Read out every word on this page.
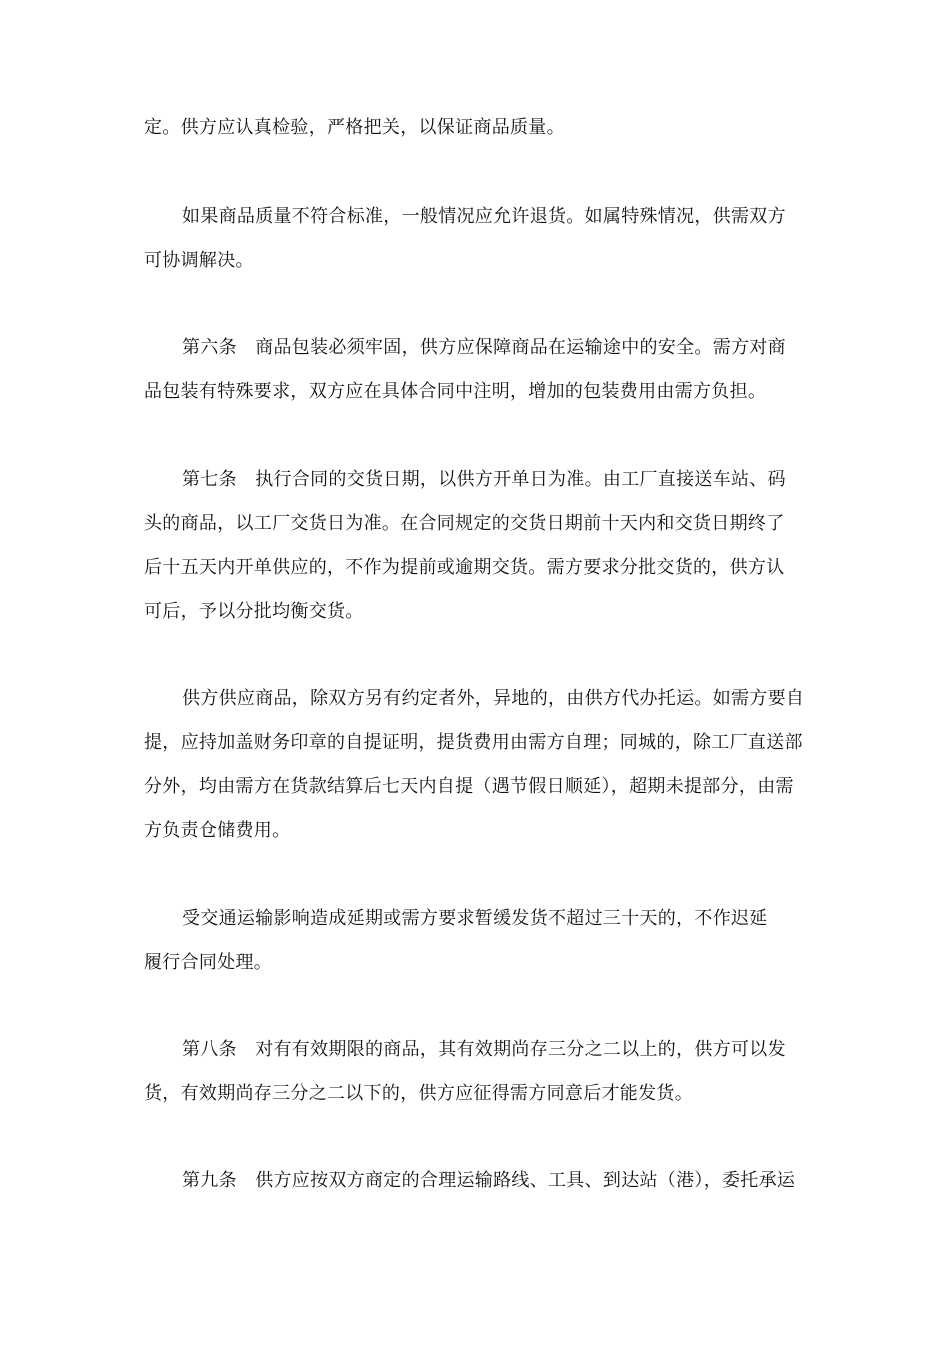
定。供方应认真检验，严格把关，以保证商品质量。

如果商品质量不符合标准，一般情况应允许退货。如属特殊情况，供需双方
可协调解决。

第六条　商品包装必须牢固，供方应保障商品在运输途中的安全。需方对商
品包装有特殊要求，双方应在具体合同中注明，增加的包装费用由需方负担。

第七条　执行合同的交货日期，以供方开单日为准。由工厂直接送车站、码
头的商品，以工厂交货日为准。在合同规定的交货日期前十天内和交货日期终了
后十五天内开单供应的，不作为提前或逾期交货。需方要求分批交货的，供方认
可后，予以分批均衡交货。

供方供应商品，除双方另有约定者外，异地的，由供方代办托运。如需方要自
提，应持加盖财务印章的自提证明，提货费用由需方自理；同城的，除工厂直送部
分外，均由需方在货款结算后七天内自提（遇节假日顺延），超期未提部分，由需
方负责仓储费用。

受交通运输影响造成延期或需方要求暂缓发货不超过三十天的，不作迟延
履行合同处理。

第八条　对有有效期限的商品，其有效期尚存三分之二以上的，供方可以发
货，有效期尚存三分之二以下的，供方应征得需方同意后才能发货。

第九条　供方应按双方商定的合理运输路线、工具、到达站（港），委托承运
